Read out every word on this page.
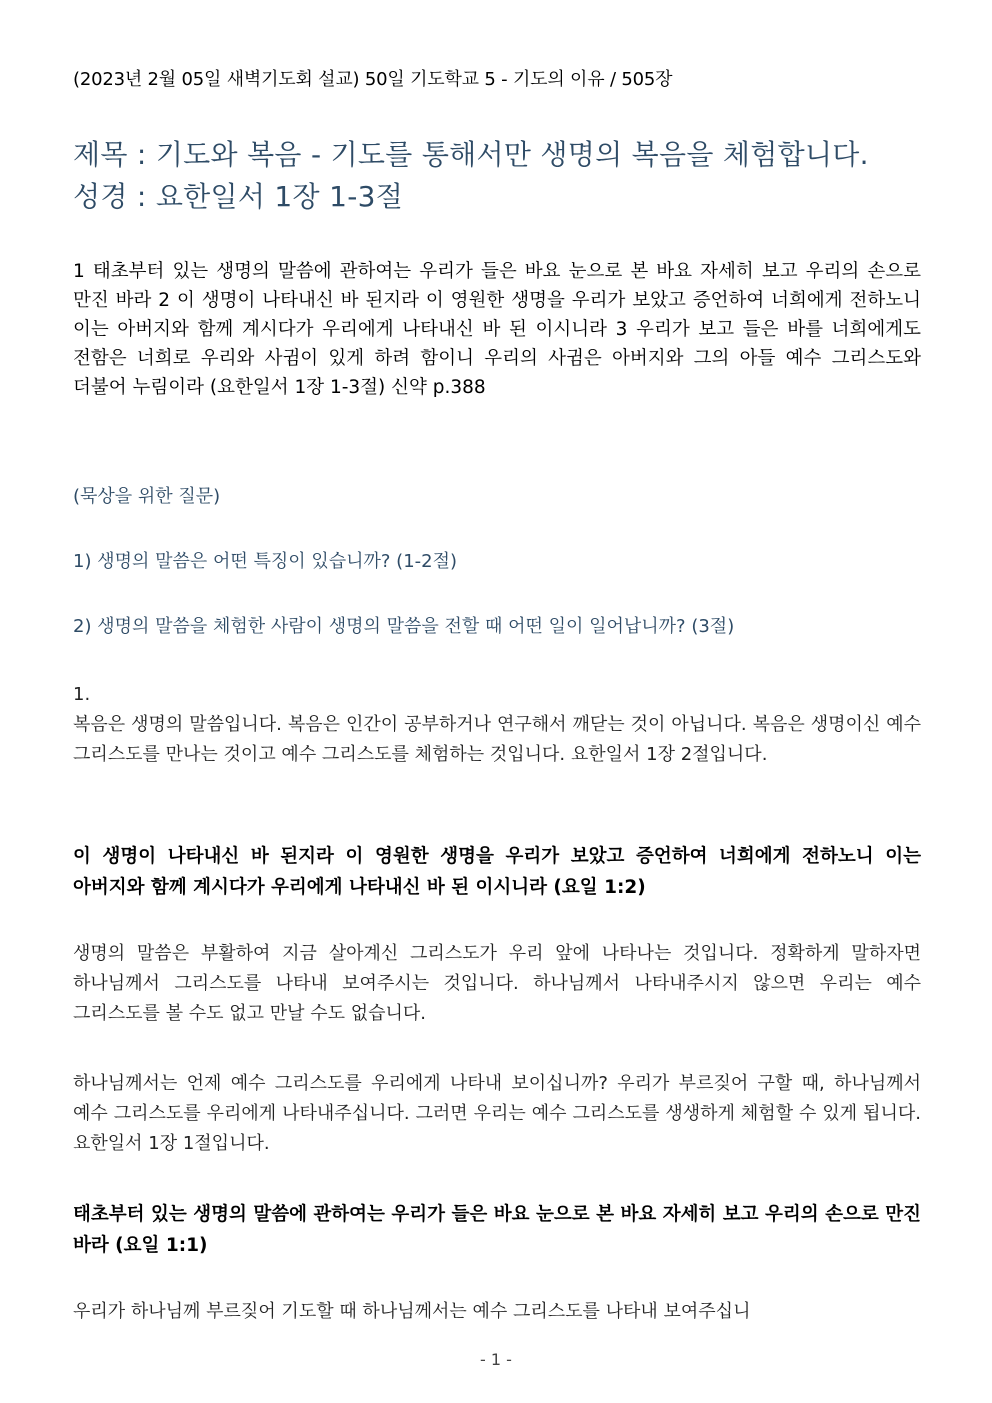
(2023년 2월 05일 새벽기도회 설교) 50일 기도학교 5 - 기도의 이유 / 505장

제목 : 기도와 복음 - 기도를 통해서만 생명의 복음을 체험합니다.

성경 : 요한일서 1장 1-3절

1 태초부터 있는 생명의 말씀에 관하여는 우리가 들은 바요 눈으로 본 바요 자세히 보고 우리의 손으로 만진 바라 2 이 생명이 나타내신 바 된지라 이 영원한 생명을 우리가 보았고 증언하여 너희에게 전하노니 이는 아버지와 함께 계시다가 우리에게 나타내신 바 된 이시니라 3 우리가 보고 들은 바를 너희에게도 전함은 너희로 우리와 사귐이 있게 하려 함이니 우리의 사귐은 아버지와 그의 아들 예수 그리스도와 더불어 누림이라 (요한일서 1장 1-3절) 신약 p.388

(묵상을 위한 질문)

1) 생명의 말씀은 어떤 특징이 있습니까? (1-2절)

2) 생명의 말씀을 체험한 사람이 생명의 말씀을 전할 때 어떤 일이 일어납니까? (3절)

1.
복음은 생명의 말씀입니다. 복음은 인간이 공부하거나 연구해서 깨닫는 것이 아닙니다. 복음은 생명이신 예수 그리스도를 만나는 것이고 예수 그리스도를 체험하는 것입니다. 요한일서 1장 2절입니다.

이 생명이 나타내신 바 된지라 이 영원한 생명을 우리가 보았고 증언하여 너희에게 전하노니 이는 아버지와 함께 계시다가 우리에게 나타내신 바 된 이시니라 (요일 1:2)

생명의 말씀은 부활하여 지금 살아계신 그리스도가 우리 앞에 나타나는 것입니다. 정확하게 말하자면 하나님께서 그리스도를 나타내 보여주시는 것입니다. 하나님께서 나타내주시지 않으면 우리는 예수 그리스도를 볼 수도 없고 만날 수도 없습니다.

하나님께서는 언제 예수 그리스도를 우리에게 나타내 보이십니까? 우리가 부르짖어 구할 때, 하나님께서 예수 그리스도를 우리에게 나타내주십니다. 그러면 우리는 예수 그리스도를 생생하게 체험할 수 있게 됩니다. 요한일서 1장 1절입니다.

태초부터 있는 생명의 말씀에 관하여는 우리가 들은 바요 눈으로 본 바요 자세히 보고 우리의 손으로 만진 바라 (요일 1:1)

우리가 하나님께 부르짖어 기도할 때 하나님께서는 예수 그리스도를 나타내 보여주십니

- 1 -
